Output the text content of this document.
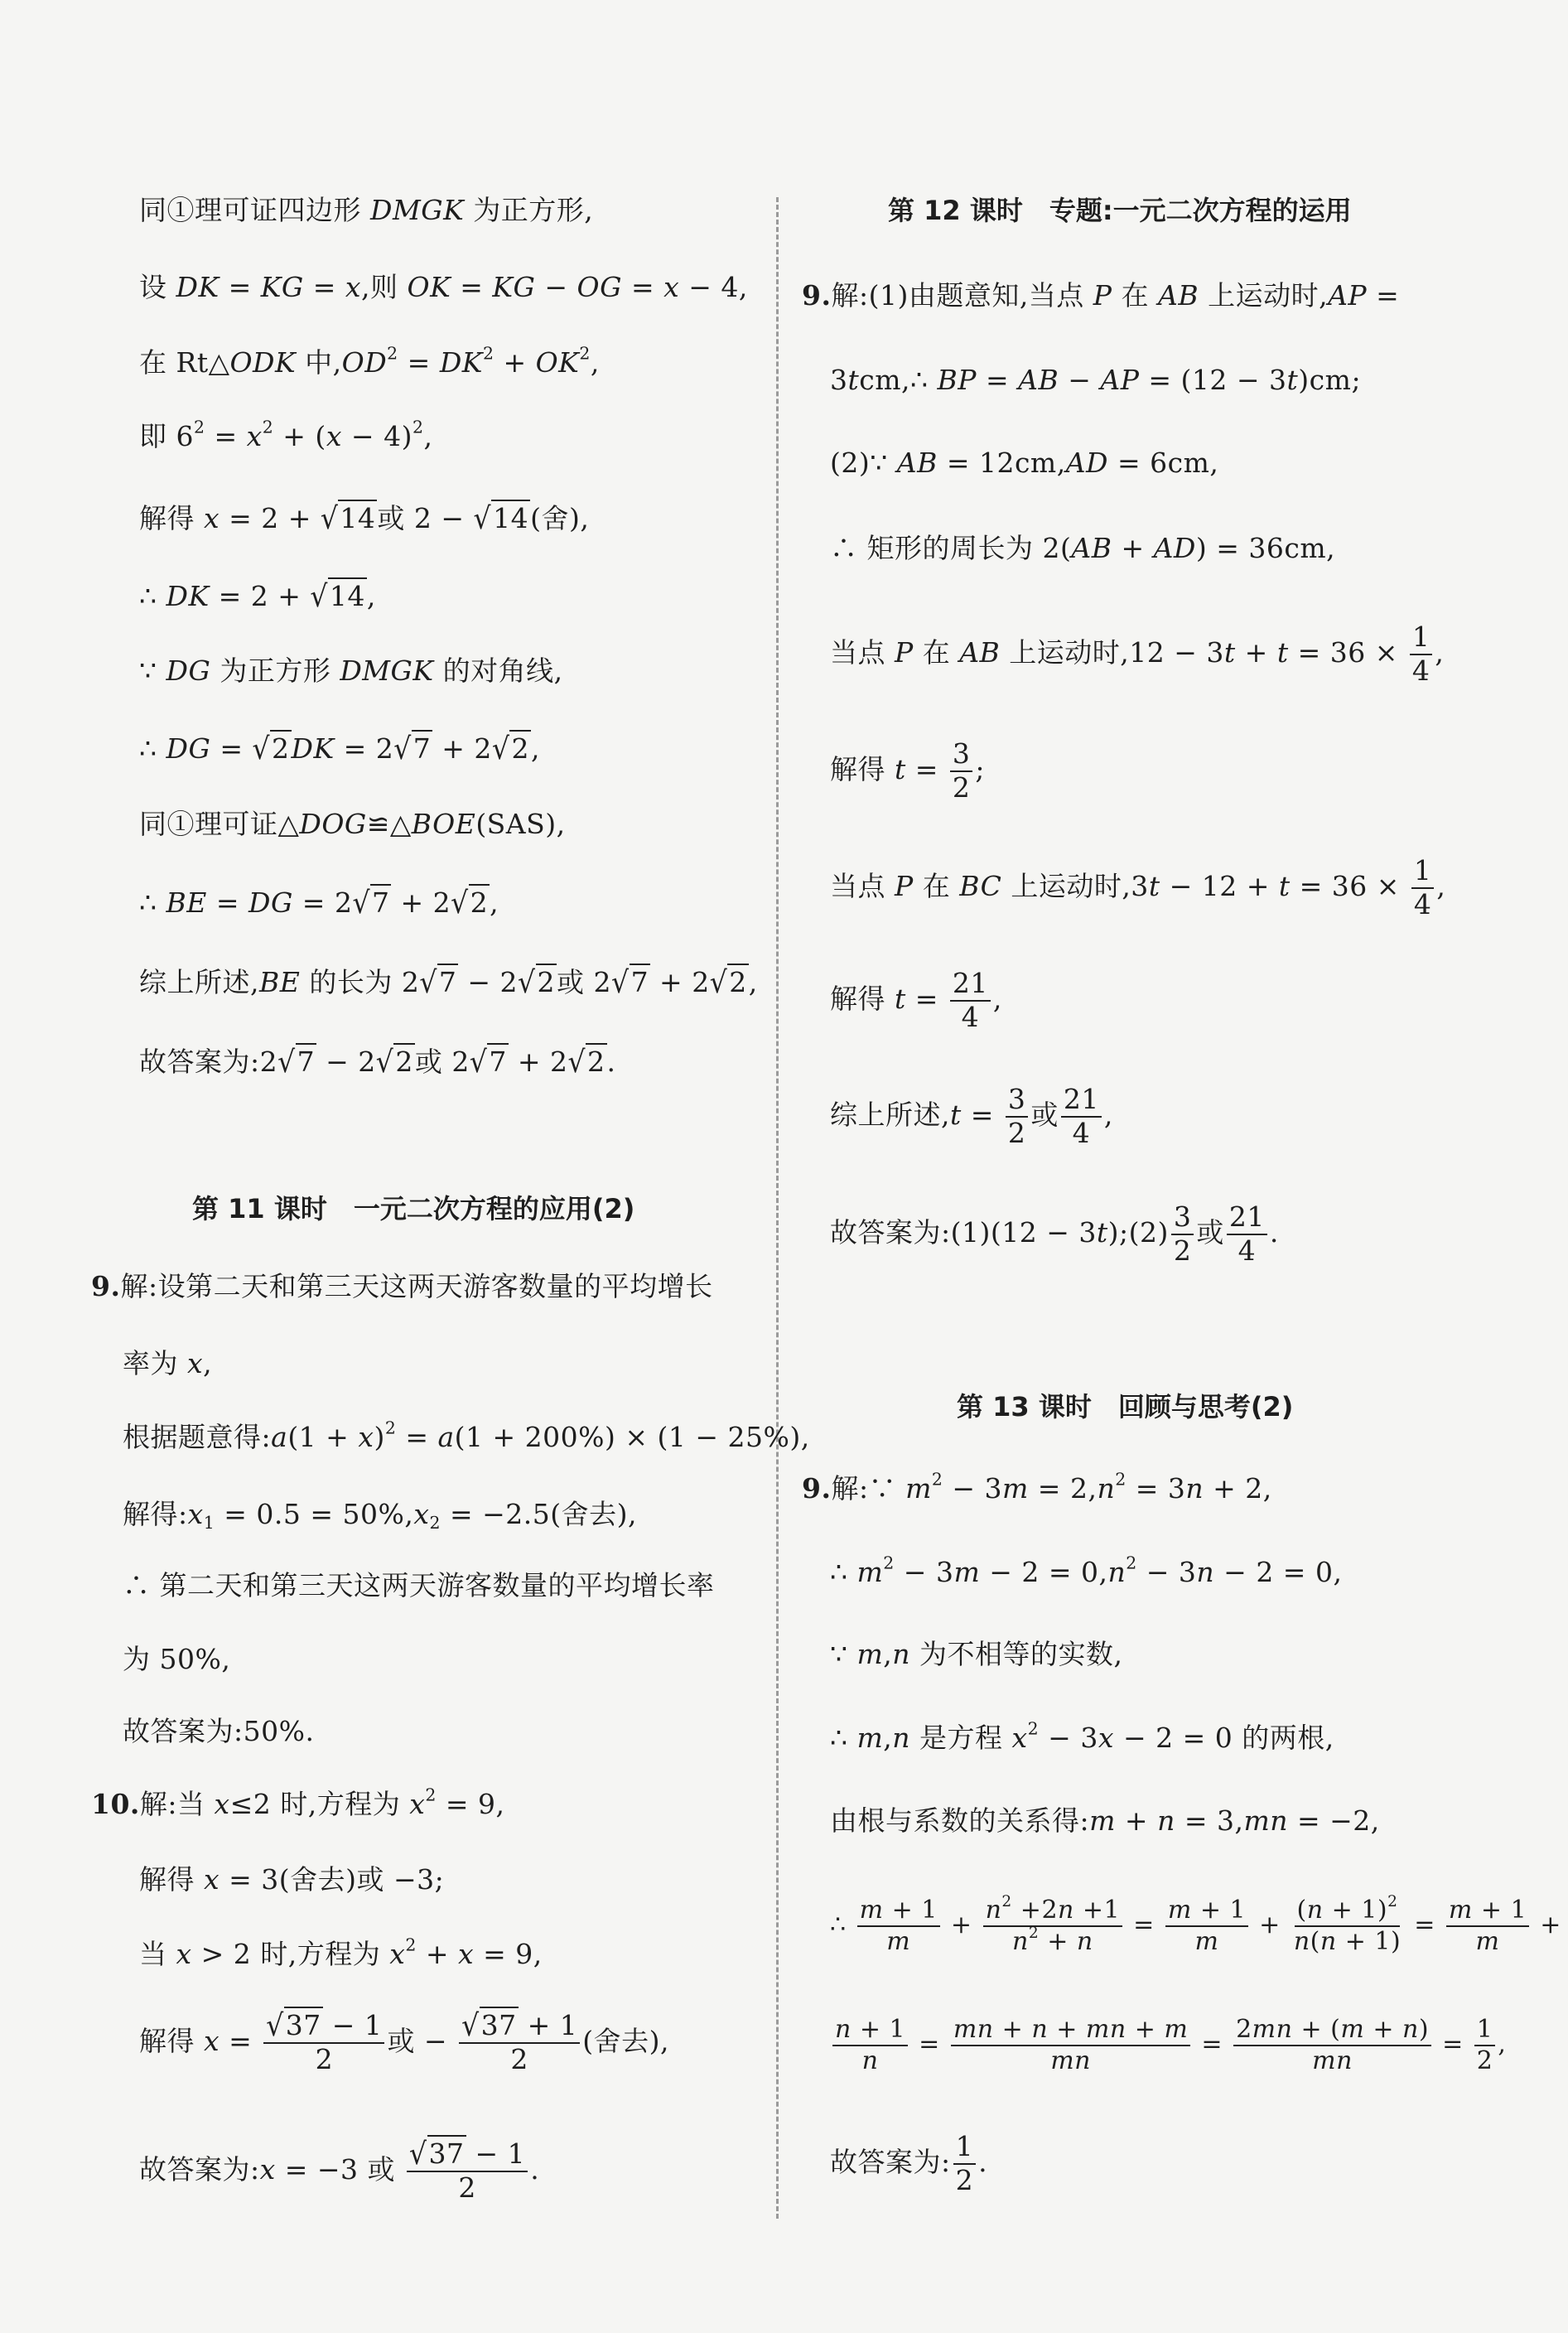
同①理可证四边形 DMGK 为正方形,
设 DK = KG = x,则 OK = KG − OG = x − 4,
在 Rt△ODK 中$,OD^2 = DK^2 + OK^2$,
即 $6^2 = x^2 + (x - 4)^2$,
解得 x = 2 + √14或 2 − √14(舍),
∴ DK = 2 + √14,
∵ DG 为正方形 DMGK 的对角线,
∴ DG = √2DK = 2√7 + 2√2,
同①理可证△DOG≌△BOE(SAS),
∴ BE = DG = 2√7 + 2√2,
综上所述,BE 的长为 2√7 − 2√2或 2√7 + 2√2,
故答案为:2√7 − 2√2或 2√7 + 2√2.
第 11 课时　一元二次方程的应用(2)
9.解:设第二天和第三天这两天游客数量的平均增长
率为 x,
根据题意得:a(1 + x)$^2$ = a(1 + 200%) × (1 − 25%),
解得$:x_1 = 0.5 = 50\%,x_2 = -2.5$(舍去),
∴ 第二天和第三天这两天游客数量的平均增长率
为 50%,
故答案为:50%.
10.解:当 x≤2 时,方程为 $x^2 = 9$,
解得 x = 3(舍去)或 −3;
当 x > 2 时,方程为 $x^2 + x = 9$,
解得 $x = \frac{√37 - 1}{2}$ 或 − $\frac{√37 + 1}{2}$ (舍去),
故答案为:x = −3 或 $\frac{√37 - 1}{2}$ .
第 12 课时　专题:一元二次方程的运用
9.解:(1)由题意知,当点 P 在 AB 上运动时,AP =
3tcm,∴ BP = AB − AP = (12 − 3t)cm;
(2)∵ AB = 12cm,AD = 6cm,
∴ 矩形的周长为 2(AB + AD) = 36cm,
当点 P 在 AB 上运动时$,12 - 3t + t = 36 \times \frac{1}{4}$ ,
解得 $t = \frac{3}{2}$ ;
当点 P 在 BC 上运动时$,3t - 12 + t = 36 \times \frac{1}{4}$ ,
解得 $t = \frac{21}{4}$ ,
综上所述$,t = \frac{3}{2}$ 或 $\frac{21}{4}$ ,
故答案为:(1)(12 − 3t);(2) $\frac{3}{2}$ 或 $\frac{21}{4}$ .
第 13 课时　回顾与思考(2)
9.解:∵ $m^2 - 3m = 2,n^2 = 3n + 2$,
∴ $m^2 - 3m - 2 = 0,n^2 - 3n - 2 = 0$,
∵ m,n 为不相等的实数,
∴ m,n 是方程 $x^2 - 3x - 2 = 0$ 的两根,
由根与系数的关系得:m + n = 3,mn = −2,
∴ $\frac{m + 1}{m} + \frac{n^2 +2n +1}{n^2 + n} = \frac{m + 1}{m} + \frac{(n + 1)^2}{n(n + 1)} = \frac{m + 1}{m}$ +
$\frac{n + 1}{n} = \frac{mn + n + mn + m}{mn} = \frac{2mn + (m + n)}{mn} = \frac{1}{2}$ ,
故答案为: $\frac{1}{2}$ .
